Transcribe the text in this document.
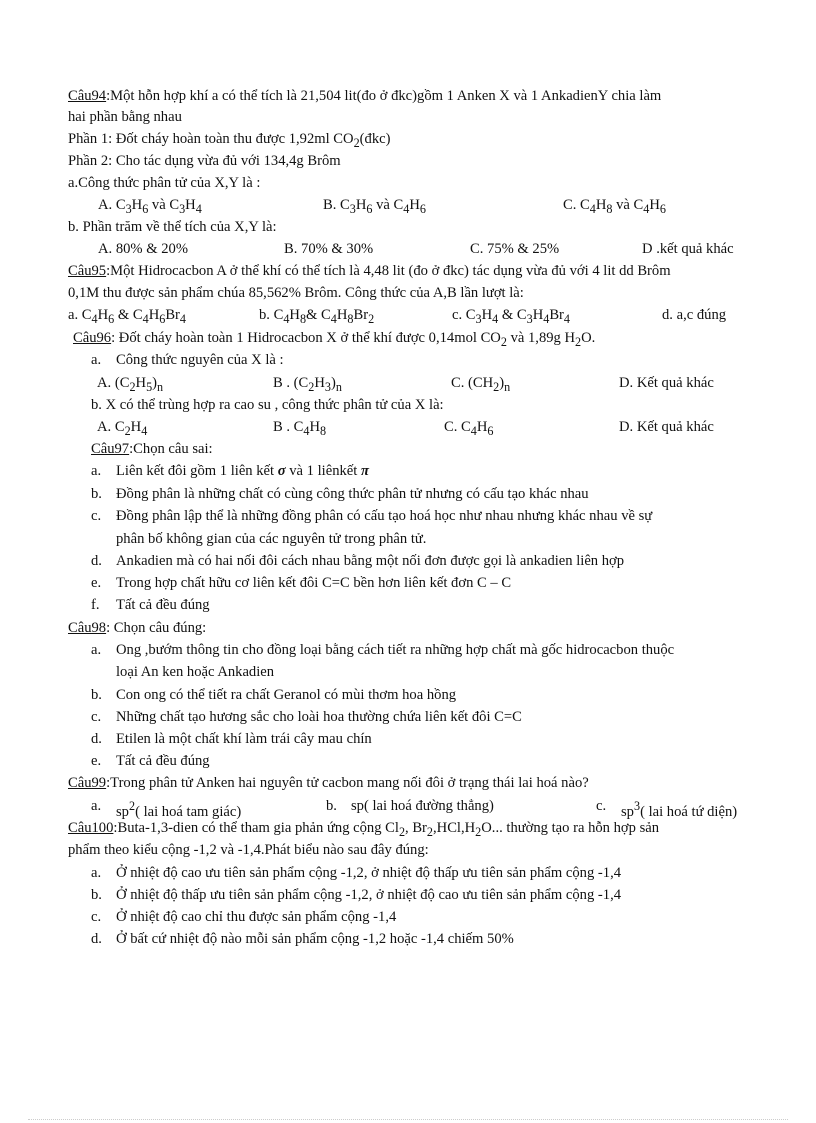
Câu94:Một hỗn hợp khí a có thể tích là 21,504 lit(đo ở đkc)gồm 1 Anken X và 1 AnkadienY chia làm
hai phần bằng nhau
Phần 1: Đốt cháy hoàn toàn thu được 1,92ml $CO_2(đkc)$
Phần 2: Cho tác dụng vừa đủ với 134,4g Brôm
a.Công thức phân tử của X,Y là :
A. $C_3H_6$ và $C_3H_4$	B. $C_3H_6$ và $C_4H_6$	C. $C_4H_8$ và $C_4H_6$
b. Phần trăm về thể tích của X,Y là:
A. 80% & 20%	B. 70% & 30%	C. 75% & 25%	D .kết quả khác
Câu95:Một Hidrocacbon A ở thể khí có thể tích là 4,48 lit (đo ở đkc) tác dụng vừa đủ với 4 lit dd Brôm
0,1M thu được sản phẩm chúa 85,562% Brôm. Công thức của A,B lần lượt là:
a. $C_4H_6$ & $C_4H_6Br_4$	b. $C_4H_8\&$ $C_4H_8Br_2$	c. $C_3H_4$ & $C_3H_4Br_4$	d. a,c đúng
Câu96: Đốt cháy hoàn toàn 1 Hidrocacbon X ở thể khí được 0,14mol $CO_2$ và 1,89g $H_2O$.
a. Công thức nguyên của X là :
A. $(C_2H_5)_n$	B . $(C_2H_3)_n$	C. $(CH_2)_n$	D. Kết quả khác
b. X có thể trùng hợp ra cao su , công thức phân tử của X là:
A. $C_2H_4$	B . $C_4H_8$	C. $C_4H_6$	D. Kết quả khác
Câu97:Chọn câu sai:
a. Liên kết đôi gồm 1 liên kết σ và 1 liênkết π
b. Đồng phân là những chất có cùng công thức phân tử nhưng có cấu tạo khác nhau
c. Đồng phân lập thể là những đồng phân có cấu tạo hoá học như nhau nhưng khác nhau về sự
phân bố không gian của các nguyên tử trong phân tử.
d. Ankadien mà có hai nối đôi cách nhau bằng một nối đơn được gọi là ankadien liên hợp
e. Trong hợp chất hữu cơ liên kết đôi C=C bền hơn liên kết đơn C – C
f. Tất cả đều đúng
Câu98: Chọn câu đúng:
a. Ong ,bướm thông tin cho đồng loại bằng cách tiết ra những hợp chất mà gốc hidrocacbon thuộc
loại An ken hoặc Ankadien
b. Con ong có thể tiết ra chất Geranol có mùi thơm hoa hồng
c. Những chất tạo hương sắc cho loài hoa thường chứa liên kết đôi C=C
d. Etilen là một chất khí làm trái cây mau chín
e. Tất cả đều đúng
Câu99:Trong phân tử Anken hai nguyên tử cacbon mang nối đôi ở trạng thái lai hoá nào?
a. $sp^2$( lai hoá tam giác)	b. sp( lai hoá đường thẳng)	c. $sp^3$( lai hoá tứ diện)
Câu100:Buta-1,3-dien có thể tham gia phản ứng cộng $Cl_2$, $Br_2,HCl,H_2O$... thường tạo ra hỗn hợp sản
phẩm theo kiểu cộng -1,2 và -1,4.Phát biểu nào sau đây đúng:
a. Ở nhiệt độ cao ưu tiên sản phẩm cộng -1,2, ở nhiệt độ thấp ưu tiên sản phẩm cộng -1,4
b. Ở nhiệt độ thấp ưu tiên sản phẩm cộng -1,2, ở nhiệt độ cao ưu tiên sản phẩm cộng -1,4
c. Ở nhiệt độ cao chỉ thu được sản phẩm cộng -1,4
d. Ở bất cứ nhiệt độ nào mỗi sản phẩm cộng -1,2 hoặc -1,4 chiếm 50%
